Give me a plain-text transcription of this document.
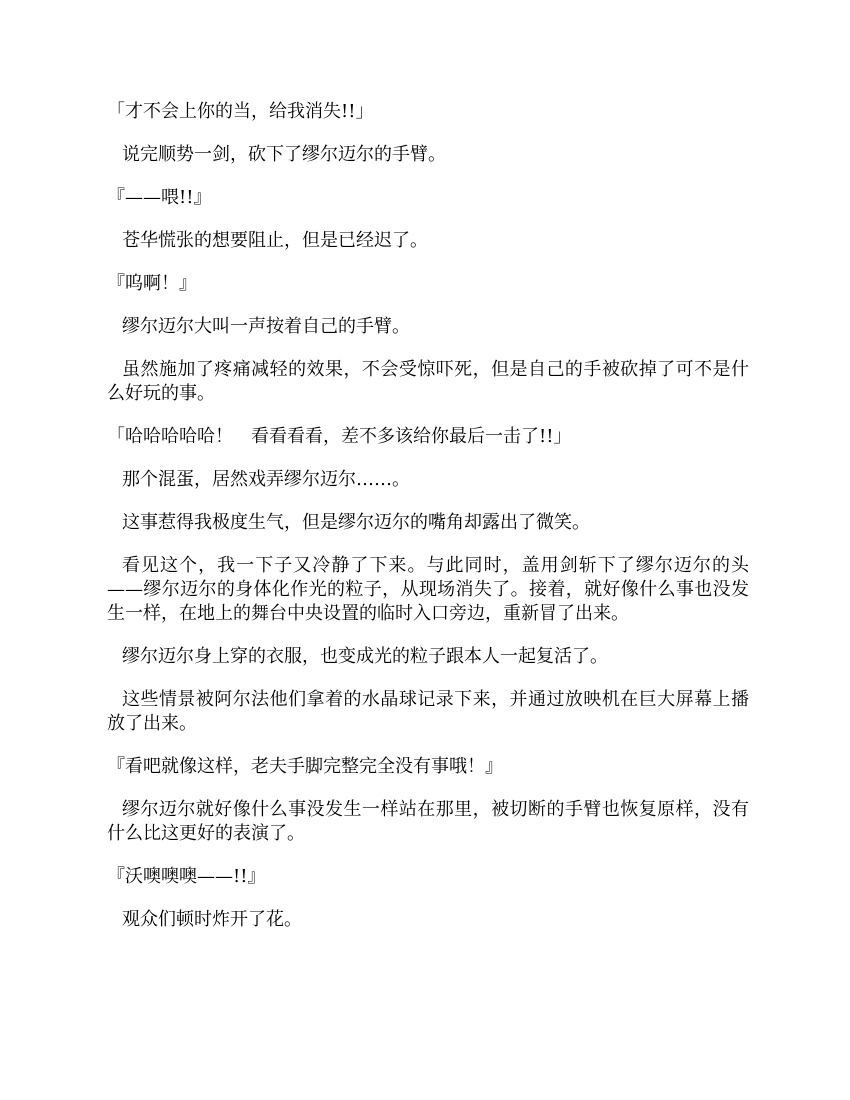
「才不会上你的当，给我消失!!」

说完顺势一剑，砍下了缪尔迈尔的手臂。

『——喂!!』

苍华慌张的想要阻止，但是已经迟了。

『呜啊！』

缪尔迈尔大叫一声按着自己的手臂。

虽然施加了疼痛减轻的效果，不会受惊吓死，但是自己的手被砍掉了可不是什么好玩的事。

「哈哈哈哈哈！　看看看看，差不多该给你最后一击了!!」

那个混蛋，居然戏弄缪尔迈尔……。

这事惹得我极度生气，但是缪尔迈尔的嘴角却露出了微笑。

看见这个，我一下子又冷静了下来。与此同时，盖用剑斩下了缪尔迈尔的头——缪尔迈尔的身体化作光的粒子，从现场消失了。接着，就好像什么事也没发生一样，在地上的舞台中央设置的临时入口旁边，重新冒了出来。

缪尔迈尔身上穿的衣服，也变成光的粒子跟本人一起复活了。

这些情景被阿尔法他们拿着的水晶球记录下来，并通过放映机在巨大屏幕上播放了出来。

『看吧就像这样，老夫手脚完整完全没有事哦！』

缪尔迈尔就好像什么事没发生一样站在那里，被切断的手臂也恢复原样，没有什么比这更好的表演了。

『沃噢噢噢——!!』

观众们顿时炸开了花。
